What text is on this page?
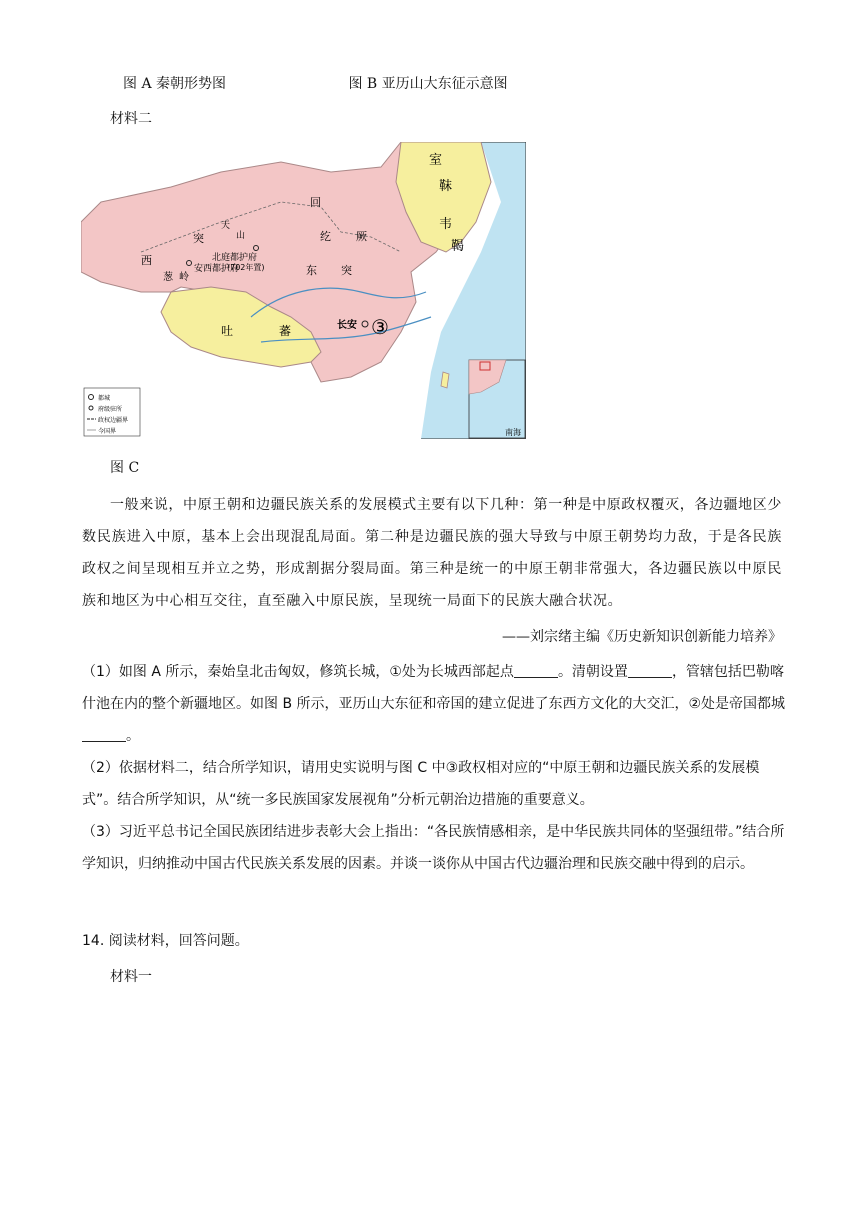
图 A 秦朝形势图	图 B 亚历山大东征示意图
材料二
室
靺
韦
鞨
回
纥 厥
突
天
山
东 突
西
葱 岭
北庭都护府
(702年置)
安西都护府
吐	蕃	长安 ③
南海
都城
府级驻所
政权边疆界
今国界
图 C
一般来说，中原王朝和边疆民族关系的发展模式主要有以下几种：第一种是中原政权覆灭，各边疆地区少数民族进入中原，基本上会出现混乱局面。第二种是边疆民族的强大导致与中原王朝势均力敌，于是各民族政权之间呈现相互并立之势，形成割据分裂局面。第三种是统一的中原王朝非常强大，各边疆民族以中原民族和地区为中心相互交往，直至融入中原民族，呈现统一局面下的民族大融合状况。
——刘宗绪主编《历史新知识创新能力培养》
（1）如图 A 所示，秦始皇北击匈奴，修筑长城，①处为长城西部起点	。清朝设置	，管辖包括巴勒喀什池在内的整个新疆地区。如图 B 所示，亚历山大东征和帝国的建立促进了东西方文化的大交汇，②处是帝国都城。
（2）依据材料二，结合所学知识，请用史实说明与图 C 中③政权相对应的“中原王朝和边疆民族关系的发展模式”。结合所学知识，从“统一多民族国家发展视角”分析元朝治边措施的重要意义。
（3）习近平总书记全国民族团结进步表彰大会上指出：“各民族情感相亲，是中华民族共同体的坚强纽带。”结合所学知识，归纳推动中国古代民族关系发展的因素。并谈一谈你从中国古代边疆治理和民族交融中得到的启示。
14. 阅读材料，回答问题。
材料一
